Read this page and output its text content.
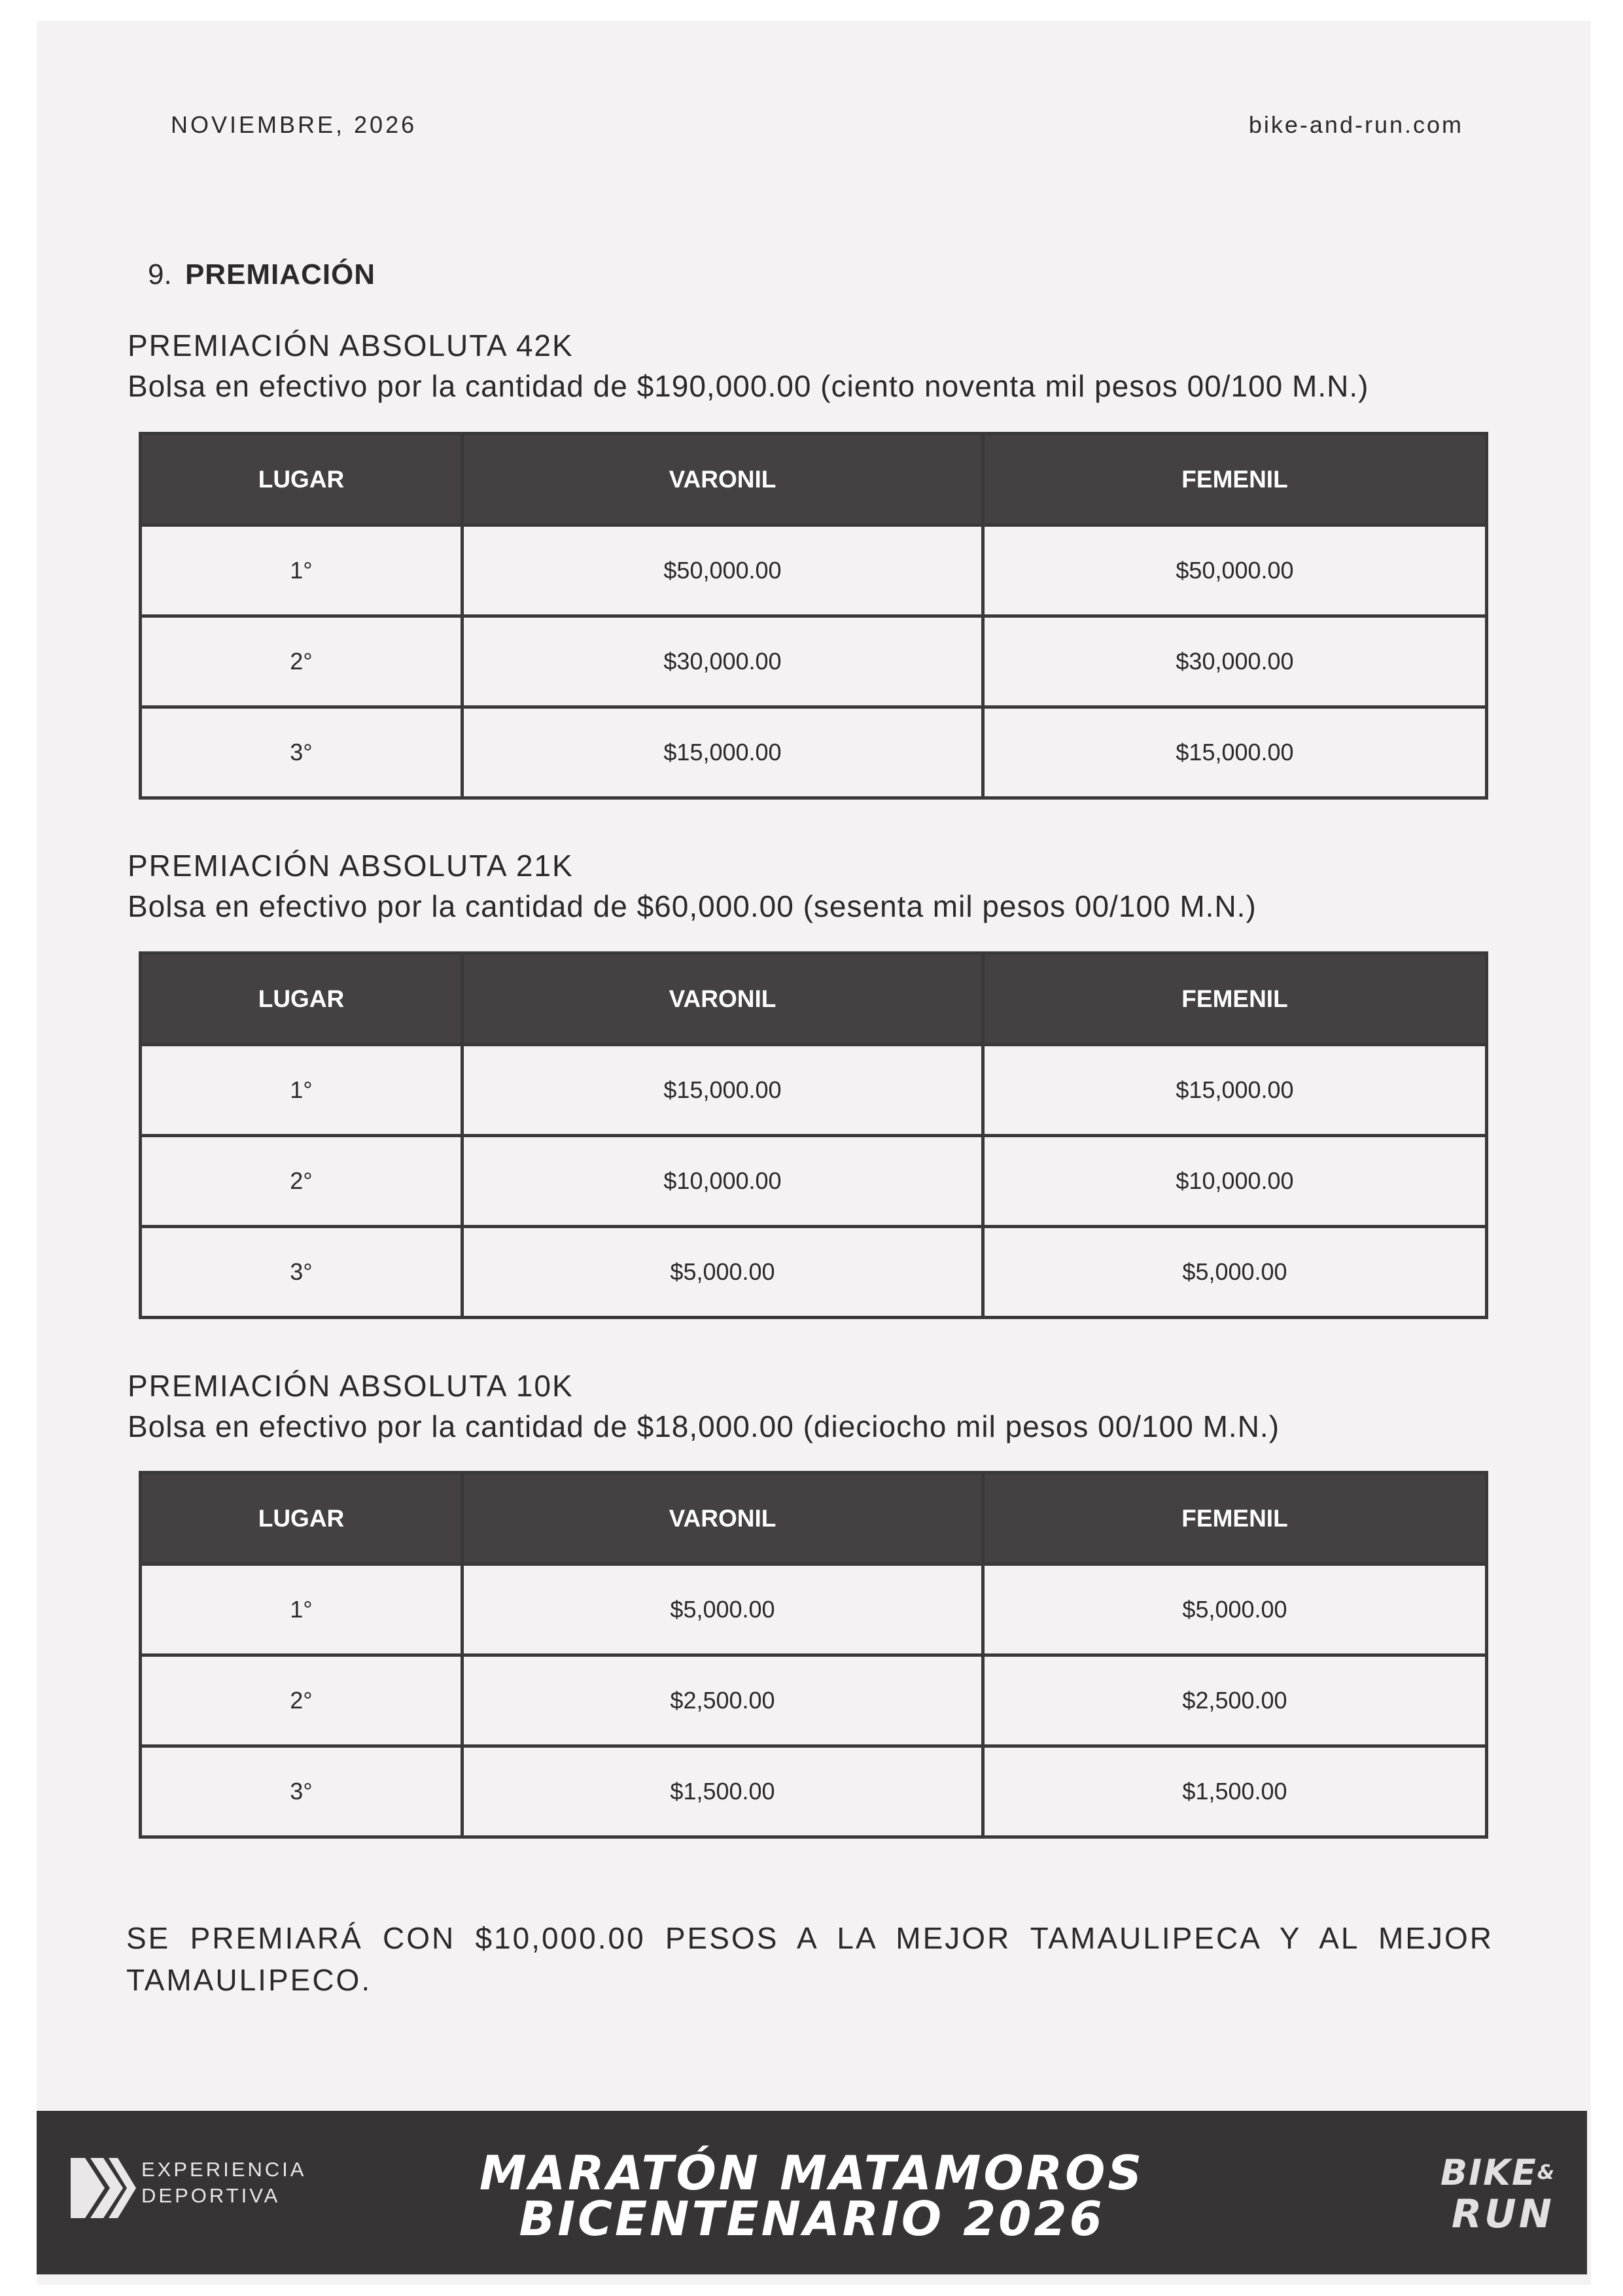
NOVIEMBRE, 2026	bike-and-run.com
9. PREMIACIÓN
PREMIACIÓN ABSOLUTA 42K
Bolsa en efectivo por la cantidad de $190,000.00 (ciento noventa mil pesos 00/100 M.N.)
LUGAR	VARONIL	FEMENIL
1°	$50,000.00	$50,000.00
2°	$30,000.00	$30,000.00
3°	$15,000.00	$15,000.00
PREMIACIÓN ABSOLUTA 21K
Bolsa en efectivo por la cantidad de $60,000.00 (sesenta mil pesos 00/100 M.N.)
LUGAR	VARONIL	FEMENIL
1°	$15,000.00	$15,000.00
2°	$10,000.00	$10,000.00
3°	$5,000.00	$5,000.00
PREMIACIÓN ABSOLUTA 10K
Bolsa en efectivo por la cantidad de $18,000.00 (dieciocho mil pesos 00/100 M.N.)
LUGAR	VARONIL	FEMENIL
1°	$5,000.00	$5,000.00
2°	$2,500.00	$2,500.00
3°	$1,500.00	$1,500.00
SE PREMIARÁ CON $10,000.00 PESOS A LA MEJOR TAMAULIPECA Y AL MEJOR TAMAULIPECO.
EXPERIENCIA
DEPORTIVA	MARATÓN MATAMOROS
BICENTENARIO 2026
BIKE&
RUN
